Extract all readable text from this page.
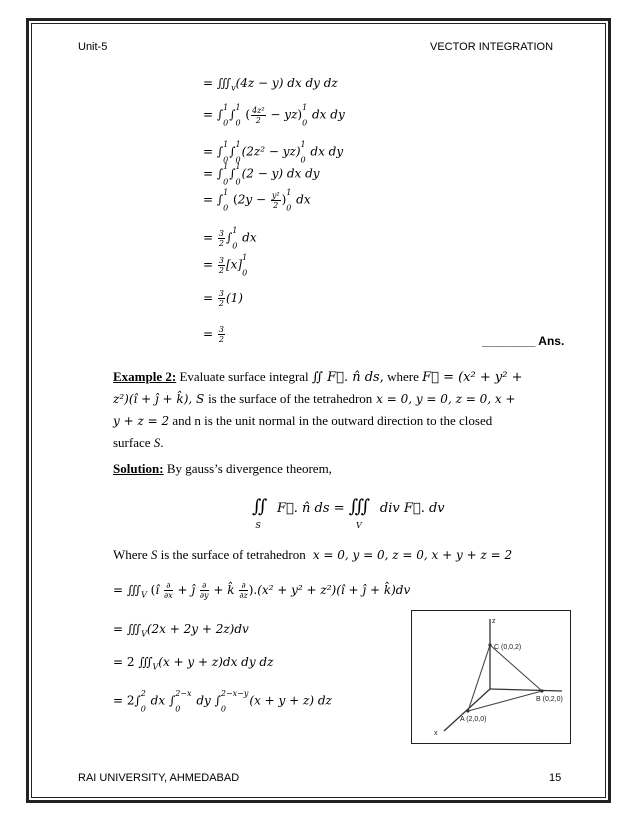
Unit-5	VECTOR INTEGRATION
= $∭_v(4z - y)$ dx dy dz
= ∫$^1$
$_0$∫$^1$
$_0$ ( $\frac{\text{4z²}}{2} - yz)^1$
$_0$ dx dy
= ∫$^1$
$_0$∫$^1$
$_0$(2z² − yz)$^1$
$_0$ dx dy
= ∫$^1$
$_0$∫$^1$
$_0$(2 − y) dx dy
= ∫$^1$
$_0$ $(2y - \frac{\text{y²}}{2} )^1$
$_0$ dx
= $\frac{3}{2} \int^1$
$_0$ dx
= $\frac{3}{2} [x]^1$
$_0$
= $\frac{3}{2} (1)$
= $\frac{3}{2}$	________ Ans.
Example 2: Evaluate surface integral ∬ F⃗. n̂ ds, where F⃗ = (x² + y² +
z²)(î + ĵ + k̂), S is the surface of the tetrahedron x = 0, y = 0, z = 0, x +
y + z = 2 and n is the unit normal in the outward direction to the closed
surface S.
Solution: By gauss’s divergence theorem,
$∬_S$ F⃗. n̂ ds = $∭_V$ div F⃗. dv
Where S is the surface of tetrahedron  x = 0, y = 0, z = 0, x + y + z = 2
= $∭_V$ (î $\frac{\partial}{\partial x}$ + ĵ $\frac{\partial}{\partial y}$ + k̂ $\frac{\partial}{\partial z} ).(x^2 + y^2$ + z²)(î + ĵ + k̂)dv
= $∭_V(2x + 2y + 2z)dv$
= 2 $∭_V(x + y + z)dx$ dy dz
= 2∫$^2$
$_0$ dx ∫$^{2-x}$
$_0$ dy ∫$^{2-x-y}$
$_0$(x + y + z) dz
z
x
C (0,0,2)
B (0,2,0)
A (2,0,0)
RAI UNIVERSITY, AHMEDABAD	15
